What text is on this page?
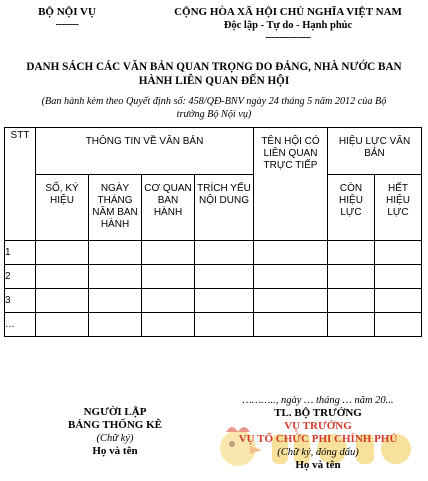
BỘ NỘI VỤ
--------
CỘNG HÒA XÃ HỘI CHỦ NGHĨA VIỆT NAM
Độc lập - Tự do - Hạnh phúc
----------------
DANH SÁCH CÁC VĂN BẢN QUAN TRỌNG DO ĐẢNG, NHÀ NƯỚC BAN
HÀNH LIÊN QUAN ĐẾN HỘI
(Ban hành kèm theo Quyết định số: 458/QĐ-BNV ngày 24 tháng 5 năm 2012 của Bộ
trưởng Bộ Nội vụ)
STT	THÔNG TIN VỀ VĂN BẢN				TÊN HỘI CÓ LIÊN QUAN TRỰC TIẾP	HIỆU LỰC VĂN BẢN	
	SỐ, KÝ HIỆU	NGÀY THÁNG NĂM BAN HÀNH	CƠ QUAN BAN HÀNH	TRÍCH YẾU NỘI DUNG		CÒN HIỆU LỰC	HẾT HIỆU LỰC
1							
2							
3							
…							
NGƯỜI LẬP
BẢNG THỐNG KÊ
(Chữ ký)
Họ và tên
……….., ngày … tháng … năm 20...
TL. BỘ TRƯỞNG
VỤ TRƯỞNG
VỤ TỔ CHỨC PHI CHÍNH PHỦ
(Chữ ký, đóng dấu)
Họ và tên
